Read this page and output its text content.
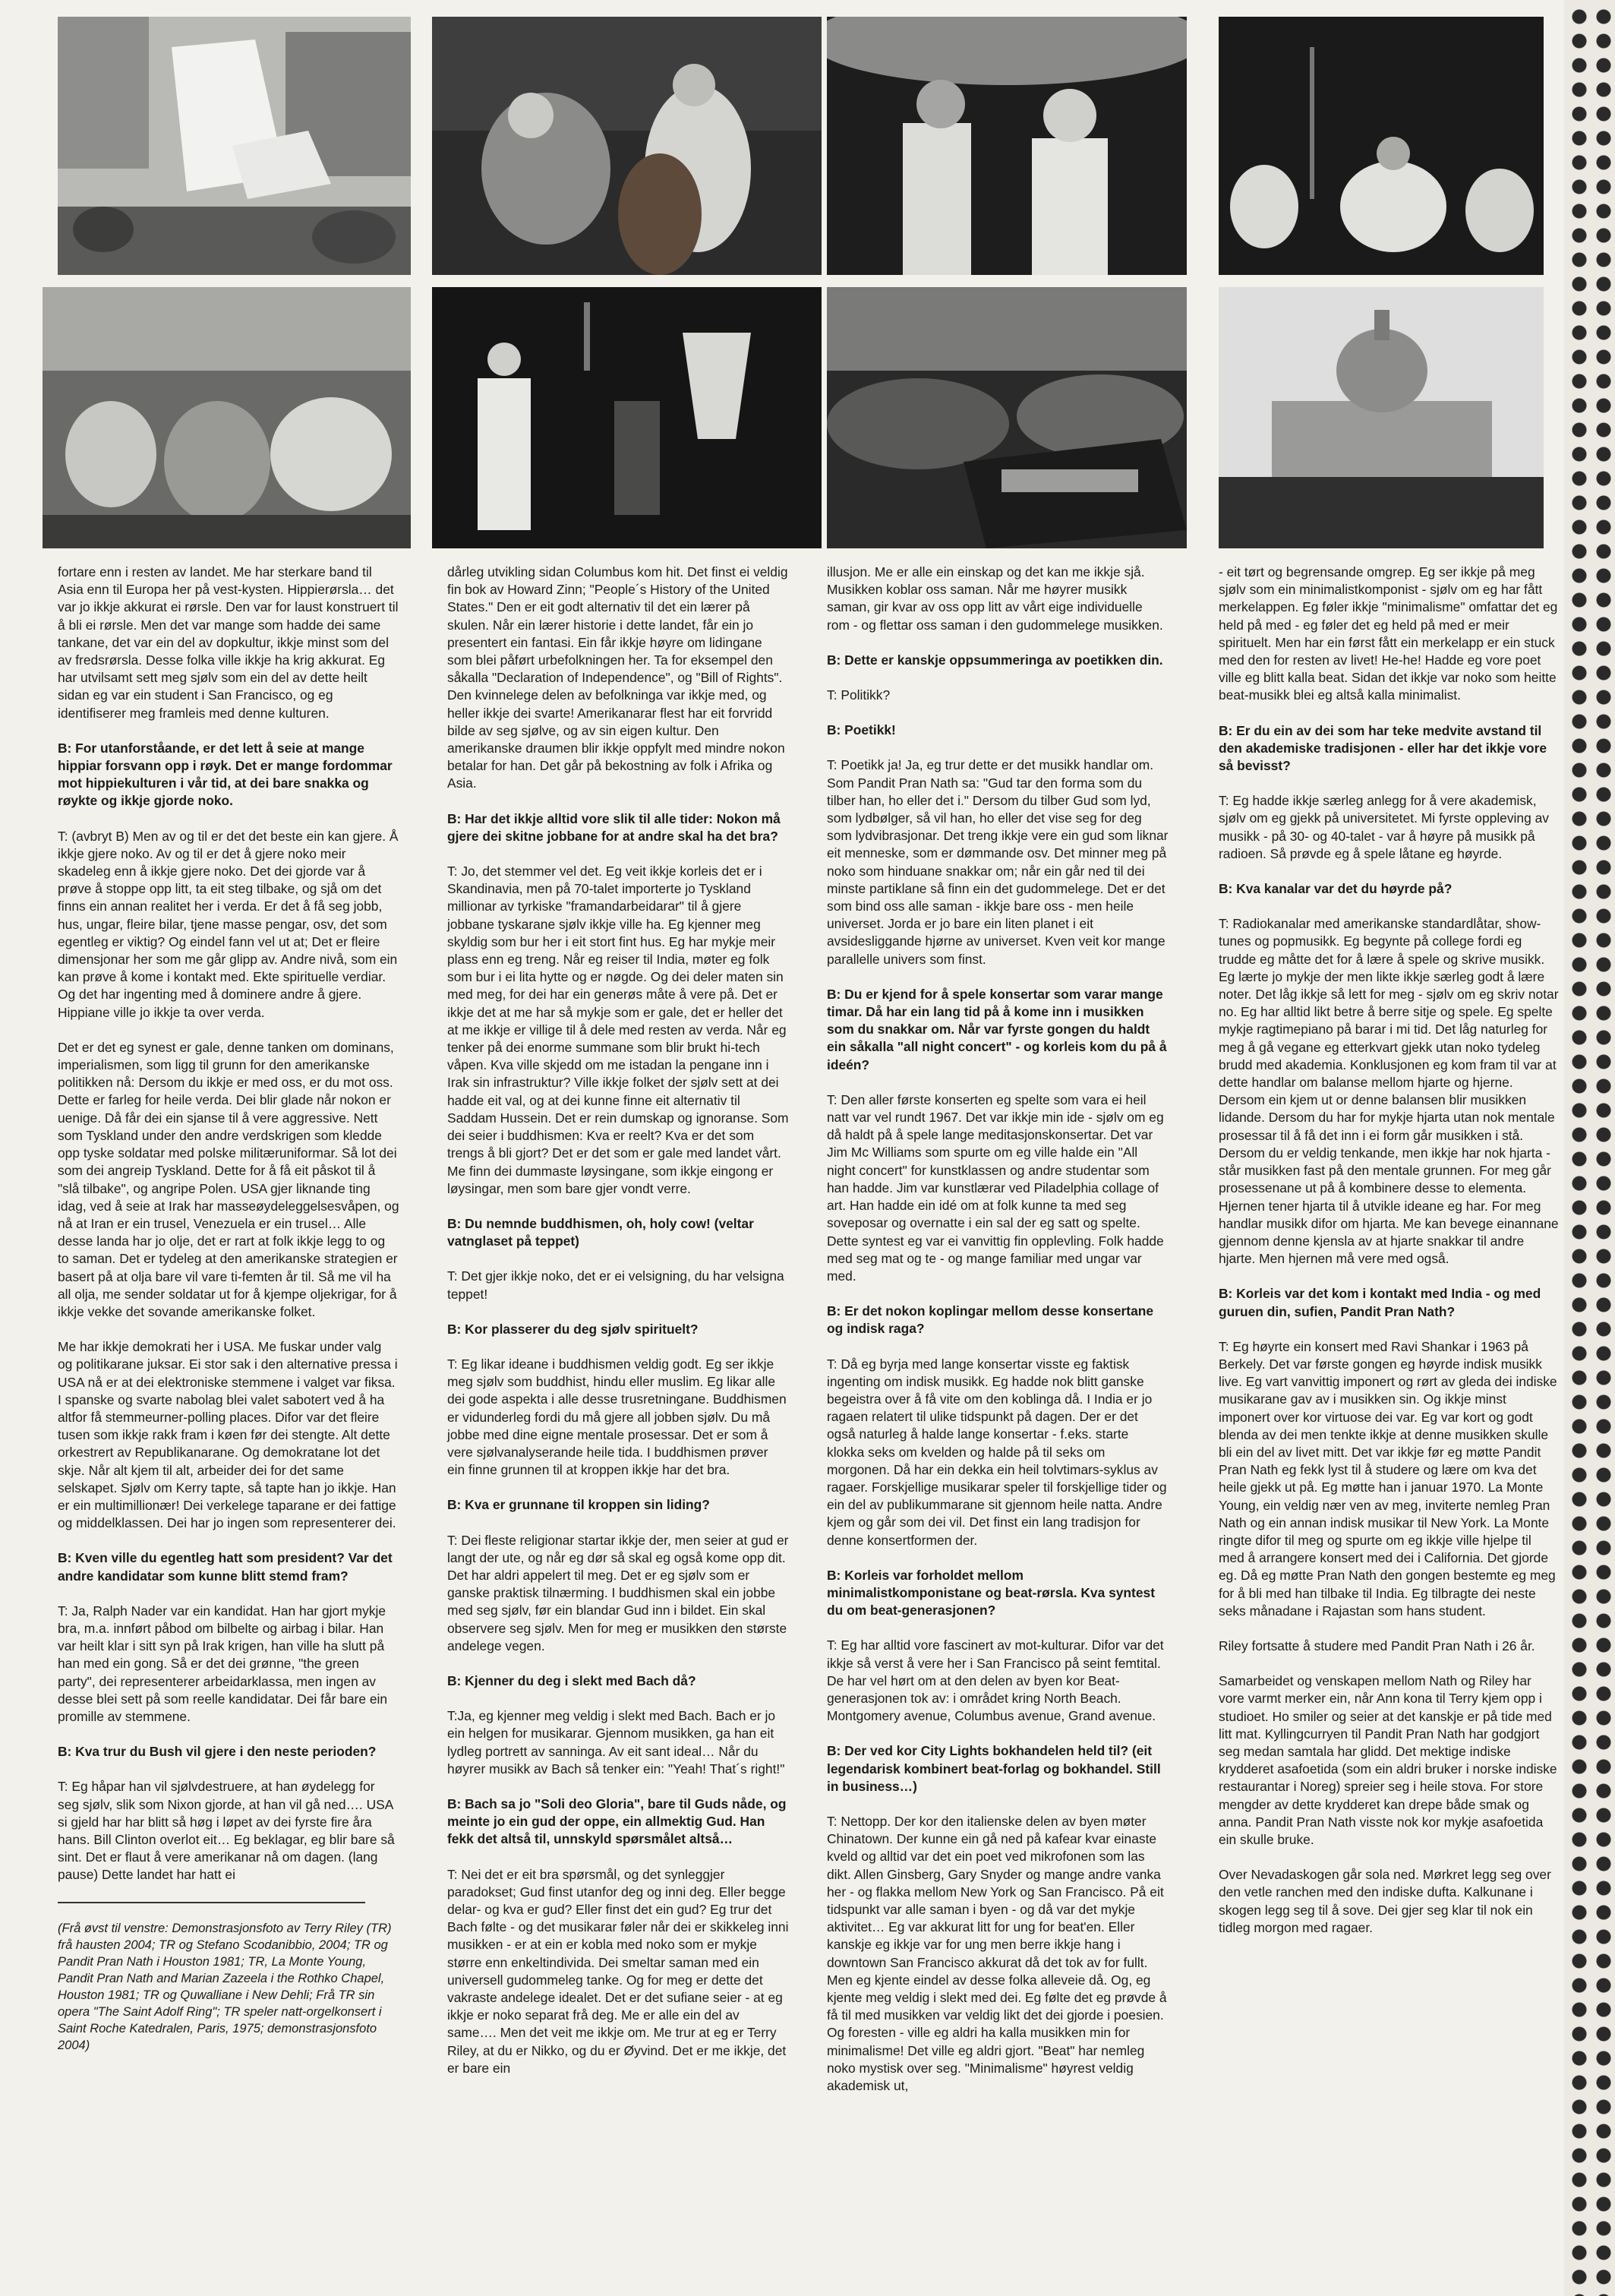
fortare enn i resten av landet. Me har sterkare band til Asia enn til Europa her på vest-kysten. Hippierørsla… det var jo ikkje akkurat ei rørsle. Den var for laust konstruert til å bli ei rørsle. Men det var mange som hadde dei same tankane, det var ein del av dopkultur, ikkje minst som del av fredsrørsla. Desse folka ville ikkje ha krig akkurat. Eg har utvilsamt sett meg sjølv som ein del av dette heilt sidan eg var ein student i San Francisco, og eg identifiserer meg framleis med denne kulturen.

B: For utanforståande, er det lett å seie at mange hippiar forsvann opp i røyk. Det er mange fordommar mot hippiekulturen i vår tid, at dei bare snakka og røykte og ikkje gjorde noko.

T: (avbryt B) Men av og til er det det beste ein kan gjere. Å ikkje gjere noko. Av og til er det å gjere noko meir skadeleg enn å ikkje gjere noko. Det dei gjorde var å prøve å stoppe opp litt, ta eit steg tilbake, og sjå om det finns ein annan realitet her i verda. Er det å få seg jobb, hus, ungar, fleire bilar, tjene masse pengar, osv, det som egentleg er viktig? Og eindel fann vel ut at; Det er fleire dimensjonar her som me går glipp av. Andre nivå, som ein kan prøve å kome i kontakt med. Ekte spirituelle verdiar. Og det har ingenting med å dominere andre å gjere. Hippiane ville jo ikkje ta over verda.

Det er det eg synest er gale, denne tanken om dominans, imperialismen, som ligg til grunn for den amerikanske politikken nå: Dersom du ikkje er med oss, er du mot oss. Dette er farleg for heile verda. Dei blir glade når nokon er uenige. Då får dei ein sjanse til å vere aggressive. Nett som Tyskland under den andre verdskrigen som kledde opp tyske soldatar med polske militæruniformar. Så lot dei som dei angreip Tyskland. Dette for å få eit påskot til å "slå tilbake", og angripe Polen. USA gjer liknande ting idag, ved å seie at Irak har masseøydeleggelsesvåpen, og nå at Iran er ein trusel, Venezuela er ein trusel… Alle desse landa har jo olje, det er rart at folk ikkje legg to og to saman. Det er tydeleg at den amerikanske strategien er basert på at olja bare vil vare ti-femten år til. Så me vil ha all olja, me sender soldatar ut for å kjempe oljekrigar, for å ikkje vekke det sovande amerikanske folket.

Me har ikkje demokrati her i USA. Me fuskar under valg og politikarane juksar. Ei stor sak i den alternative pressa i USA nå er at dei elektroniske stemmene i valget var fiksa. I spanske og svarte nabolag blei valet sabotert ved å ha altfor få stemmeurner-polling places. Difor var det fleire tusen som ikkje rakk fram i køen før dei stengte. Alt dette orkestrert av Republikanarane. Og demokratane lot det skje. Når alt kjem til alt, arbeider dei for det same selskapet. Sjølv om Kerry tapte, så tapte han jo ikkje. Han er ein multimillionær! Dei verkelege taparane er dei fattige og middelklassen. Dei har jo ingen som representerer dei.

B: Kven ville du egentleg hatt som president? Var det andre kandidatar som kunne blitt stemd fram?

T: Ja, Ralph Nader var ein kandidat. Han har gjort mykje bra, m.a. innført påbod om bilbelte og airbag i bilar. Han var heilt klar i sitt syn på Irak krigen, han ville ha slutt på han med ein gong. Så er det dei grønne, "the green party", dei representerer arbeidarklassa, men ingen av desse blei sett på som reelle kandidatar. Dei får bare ein promille av stemmene.

B: Kva trur du Bush vil gjere i den neste perioden?

T: Eg håpar han vil sjølvdestruere, at han øydelegg for seg sjølv, slik som Nixon gjorde, at han vil gå ned…. USA si gjeld har har blitt så høg i løpet av dei fyrste fire åra hans. Bill Clinton overlot eit… Eg beklagar, eg blir bare så sint. Det er flaut å vere amerikanar nå om dagen. (lang pause) Dette landet har hatt ei

(Frå øvst til venstre: Demonstrasjonsfoto av Terry Riley (TR) frå hausten 2004; TR og Stefano Scodanibbio, 2004; TR og Pandit Pran Nath i Houston 1981; TR, La Monte Young, Pandit Pran Nath and Marian Zazeela i the Rothko Chapel, Houston 1981; TR og Quwalliane i New Dehli; Frå TR sin opera "The Saint Adolf Ring"; TR speler natt-orgelkonsert i Saint Roche Katedralen, Paris, 1975; demonstrasjonsfoto 2004)

dårleg utvikling sidan Columbus kom hit. Det finst ei veldig fin bok av Howard Zinn; "People´s History of the United States." Den er eit godt alternativ til det ein lærer på skulen. Når ein lærer historie i dette landet, får ein jo presentert ein fantasi. Ein får ikkje høyre om lidingane som blei påført urbefolkningen her. Ta for eksempel den såkalla "Declaration of Independence", og "Bill of Rights". Den kvinnelege delen av befolkninga var ikkje med, og heller ikkje dei svarte! Amerikanarar flest har eit forvridd bilde av seg sjølve, og av sin eigen kultur. Den amerikanske draumen blir ikkje oppfylt med mindre nokon betalar for han. Det går på bekostning av folk i Afrika og Asia.

B: Har det ikkje alltid vore slik til alle tider: Nokon må gjere dei skitne jobbane for at andre skal ha det bra?

T: Jo, det stemmer vel det. Eg veit ikkje korleis det er i Skandinavia, men på 70-talet importerte jo Tyskland millionar av tyrkiske "framandarbeidarar" til å gjere jobbane tyskarane sjølv ikkje ville ha. Eg kjenner meg skyldig som bur her i eit stort fint hus. Eg har mykje meir plass enn eg treng. Når eg reiser til India, møter eg folk som bur i ei lita hytte og er nøgde. Og dei deler maten sin med meg, for dei har ein generøs måte å vere på. Det er ikkje det at me har så mykje som er gale, det er heller det at me ikkje er villige til å dele med resten av verda. Når eg tenker på dei enorme summane som blir brukt hi-tech våpen. Kva ville skjedd om me istadan la pengane inn i Irak sin infrastruktur? Ville ikkje folket der sjølv sett at dei hadde eit val, og at dei kunne finne eit alternativ til Saddam Hussein. Det er rein dumskap og ignoranse. Som dei seier i buddhismen: Kva er reelt? Kva er det som trengs å bli gjort? Det er det som er gale med landet vårt. Me finn dei dummaste løysingane, som ikkje eingong er løysingar, men som bare gjer vondt verre.

B: Du nemnde buddhismen, oh, holy cow! (veltar vatnglaset på teppet)

T: Det gjer ikkje noko, det er ei velsigning, du har velsigna teppet!

B: Kor plasserer du deg sjølv spirituelt?

T: Eg likar ideane i buddhismen veldig godt. Eg ser ikkje meg sjølv som buddhist, hindu eller muslim. Eg likar alle dei gode aspekta i alle desse trusretningane. Buddhismen er vidunderleg fordi du må gjere all jobben sjølv. Du må jobbe med dine eigne mentale prosessar. Det er som å vere sjølvanalyserande heile tida. I buddhismen prøver ein finne grunnen til at kroppen ikkje har det bra.

B: Kva er grunnane til kroppen sin liding?

T: Dei fleste religionar startar ikkje der, men seier at gud er langt der ute, og når eg dør så skal eg også kome opp dit. Det har aldri appelert til meg. Det er eg sjølv som er ganske praktisk tilnærming. I buddhismen skal ein jobbe med seg sjølv, før ein blandar Gud inn i bildet. Ein skal observere seg sjølv. Men for meg er musikken den største andelege vegen.

B: Kjenner du deg i slekt med Bach då?

T:Ja, eg kjenner meg veldig i slekt med Bach. Bach er jo ein helgen for musikarar. Gjennom musikken, ga han eit lydleg portrett av sanninga. Av eit sant ideal… Når du høyrer musikk av Bach så tenker ein: "Yeah! That´s right!"

B: Bach sa jo "Soli deo Gloria", bare til Guds nåde, og meinte jo ein gud der oppe, ein allmektig Gud. Han fekk det altså til, unnskyld spørsmålet altså…

T: Nei det er eit bra spørsmål, og det synleggjer paradokset; Gud finst utanfor deg og inni deg. Eller begge delar- og kva er gud? Eller finst det ein gud? Eg trur det Bach følte - og det musikarar føler når dei er skikkeleg inni musikken - er at ein er kobla med noko som er mykje større enn enkeltindivida. Dei smeltar saman med ein universell gudommeleg tanke. Og for meg er dette det vakraste andelege idealet. Det er det sufiane seier - at eg ikkje er noko separat frå deg. Me er alle ein del av same…. Men det veit me ikkje om. Me trur at eg er Terry Riley, at du er Nikko, og du er Øyvind. Det er me ikkje, det er bare ein

illusjon. Me er alle ein einskap og det kan me ikkje sjå. Musikken koblar oss saman. Når me høyrer musikk saman, gir kvar av oss opp litt av vårt eige individuelle rom - og flettar oss saman i den gudommelege musikken.

B: Dette er kanskje oppsummeringa av poetikken din.

T: Politikk?

B: Poetikk!

T: Poetikk ja! Ja, eg trur dette er det musikk handlar om. Som Pandit Pran Nath sa: "Gud tar den forma som du tilber han, ho eller det i." Dersom du tilber Gud som lyd, som lydbølger, så vil han, ho eller det vise seg for deg som lydvibrasjonar. Det treng ikkje vere ein gud som liknar eit menneske, som er dømmande osv. Det minner meg på noko som hinduane snakkar om; når ein går ned til dei minste partiklane så finn ein det gudommelege. Det er det som bind oss alle saman - ikkje bare oss - men heile universet. Jorda er jo bare ein liten planet i eit avsidesliggande hjørne av universet. Kven veit kor mange parallelle univers som finst.

B: Du er kjend for å spele konsertar som varar mange timar. Då har ein lang tid på å kome inn i musikken som du snakkar om. Når var fyrste gongen du haldt ein såkalla "all night concert" - og korleis kom du på å ideén?

T: Den aller første konserten eg spelte som vara ei heil natt var vel rundt 1967. Det var ikkje min ide - sjølv om eg då haldt på å spele lange meditasjonskonsertar. Det var Jim Mc Williams som spurte om eg ville halde ein "All night concert" for kunstklassen og andre studentar som han hadde. Jim var kunstlærar ved Piladelphia collage of art. Han hadde ein idé om at folk kunne ta med seg soveposar og overnatte i ein sal der eg satt og spelte. Dette syntest eg var ei vanvittig fin opplevling. Folk hadde med seg mat og te - og mange familiar med ungar var med.

B: Er det nokon koplingar mellom desse konsertane og indisk raga?

T: Då eg byrja med lange konsertar visste eg faktisk ingenting om indisk musikk. Eg hadde nok blitt ganske begeistra over å få vite om den koblinga då. I India er jo ragaen relatert til ulike tidspunkt på dagen. Der er det også naturleg å halde lange konsertar - f.eks. starte klokka seks om kvelden og halde på til seks om morgonen. Då har ein dekka ein heil tolvtimars-syklus av ragaer. Forskjellige musikarar speler til forskjellige tider og ein del av publikummarane sit gjennom heile natta. Andre kjem og går som dei vil. Det finst ein lang tradisjon for denne konsertformen der.

B: Korleis var forholdet mellom minimalistkomponistane og beat-rørsla. Kva syntest du om beat-generasjonen?

T: Eg har alltid vore fascinert av mot-kulturar. Difor var det ikkje så verst å vere her i San Francisco på seint femtital. De har vel hørt om at den delen av byen kor Beat-generasjonen tok av: i området kring North Beach. Montgomery avenue, Columbus avenue, Grand avenue.

B: Der ved kor City Lights bokhandelen held til? (eit legendarisk kombinert beat-forlag og bokhandel. Still in business…)

T: Nettopp. Der kor den italienske delen av byen møter Chinatown. Der kunne ein gå ned på kafear kvar einaste kveld og alltid var det ein poet ved mikrofonen som las dikt. Allen Ginsberg, Gary Snyder og mange andre vanka her - og flakka mellom New York og San Francisco. På eit tidspunkt var alle saman i byen - og då var det mykje aktivitet… Eg var akkurat litt for ung for beat'en. Eller kanskje eg ikkje var for ung men berre ikkje hang i downtown San Francisco akkurat då det tok av for fullt. Men eg kjente eindel av desse folka alleveie då. Og, eg kjente meg veldig i slekt med dei. Eg følte det eg prøvde å få til med musikken var veldig likt det dei gjorde i poesien. Og foresten - ville eg aldri ha kalla musikken min for minimalisme! Det ville eg aldri gjort. "Beat" har nemleg noko mystisk over seg. "Minimalisme" høyrest veldig akademisk ut,

- eit tørt og begrensande omgrep. Eg ser ikkje på meg sjølv som ein minimalistkomponist - sjølv om eg har fått merkelappen. Eg føler ikkje "minimalisme" omfattar det eg held på med - eg føler det eg held på med er meir spirituelt. Men har ein først fått ein merkelapp er ein stuck med den for resten av livet! He-he! Hadde eg vore poet ville eg blitt kalla beat. Sidan det ikkje var noko som heitte beat-musikk blei eg altså kalla minimalist.

B: Er du ein av dei som har teke medvite avstand til den akademiske tradisjonen - eller har det ikkje vore så bevisst?

T: Eg hadde ikkje særleg anlegg for å vere akademisk, sjølv om eg gjekk på universitetet. Mi fyrste oppleving av musikk - på 30- og 40-talet - var å høyre på musikk på radioen. Så prøvde eg å spele låtane eg høyrde.

B: Kva kanalar var det du høyrde på?

T: Radiokanalar med amerikanske standardlåtar, show-tunes og popmusikk. Eg begynte på college fordi eg trudde eg måtte det for å lære å spele og skrive musikk. Eg lærte jo mykje der men likte ikkje særleg godt å lære noter. Det låg ikkje så lett for meg - sjølv om eg skriv notar no. Eg har alltid likt betre å berre sitje og spele. Eg spelte mykje ragtimepiano på barar i mi tid. Det låg naturleg for meg å gå vegane eg etterkvart gjekk utan noko tydeleg brudd med akademia. Konklusjonen eg kom fram til var at dette handlar om balanse mellom hjarte og hjerne. Dersom ein kjem ut or denne balansen blir musikken lidande. Dersom du har for mykje hjarta utan nok mentale prosessar til å få det inn i ei form går musikken i stå. Dersom du er veldig tenkande, men ikkje har nok hjarta - står musikken fast på den mentale grunnen. For meg går prosessenane ut på å kombinere desse to elementa. Hjernen tener hjarta til å utvikle ideane eg har. For meg handlar musikk difor om hjarta. Me kan bevege einannane gjennom denne kjensla av at hjarte snakkar til andre hjarte. Men hjernen må vere med også.

B: Korleis var det kom i kontakt med India - og med guruen din, sufien, Pandit Pran Nath?

T: Eg høyrte ein konsert med Ravi Shankar i 1963 på Berkely. Det var første gongen eg høyrde indisk musikk live. Eg vart vanvittig imponert og rørt av gleda dei indiske musikarane gav av i musikken sin. Og ikkje minst imponert over kor virtuose dei var. Eg var kort og godt blenda av dei men tenkte ikkje at denne musikken skulle bli ein del av livet mitt. Det var ikkje før eg møtte Pandit Pran Nath eg fekk lyst til å studere og lære om kva det heile gjekk ut på. Eg møtte han i januar 1970. La Monte Young, ein veldig nær ven av meg, inviterte nemleg Pran Nath og ein annan indisk musikar til New York. La Monte ringte difor til meg og spurte om eg ikkje ville hjelpe til med å arrangere konsert med dei i California. Det gjorde eg. Då eg møtte Pran Nath den gongen bestemte eg meg for å bli med han tilbake til India. Eg tilbragte dei neste seks månadane i Rajastan som hans student.

Riley fortsatte å studere med Pandit Pran Nath i 26 år.

Samarbeidet og venskapen mellom Nath og Riley har vore varmt merker ein, når Ann kona til Terry kjem opp i studioet. Ho smiler og seier at det kanskje er på tide med litt mat. Kyllingcurryen til Pandit Pran Nath har godgjort seg medan samtala har glidd. Det mektige indiske krydderet asafoetida (som ein aldri bruker i norske indiske restaurantar i Noreg) spreier seg i heile stova. For store mengder av dette krydderet kan drepe både smak og anna. Pandit Pran Nath visste nok kor mykje asafoetida ein skulle bruke.

Over Nevadaskogen går sola ned. Mørkret legg seg over den vetle ranchen med den indiske dufta. Kalkunane i skogen legg seg til å sove. Dei gjer seg klar til nok ein tidleg morgon med ragaer.
